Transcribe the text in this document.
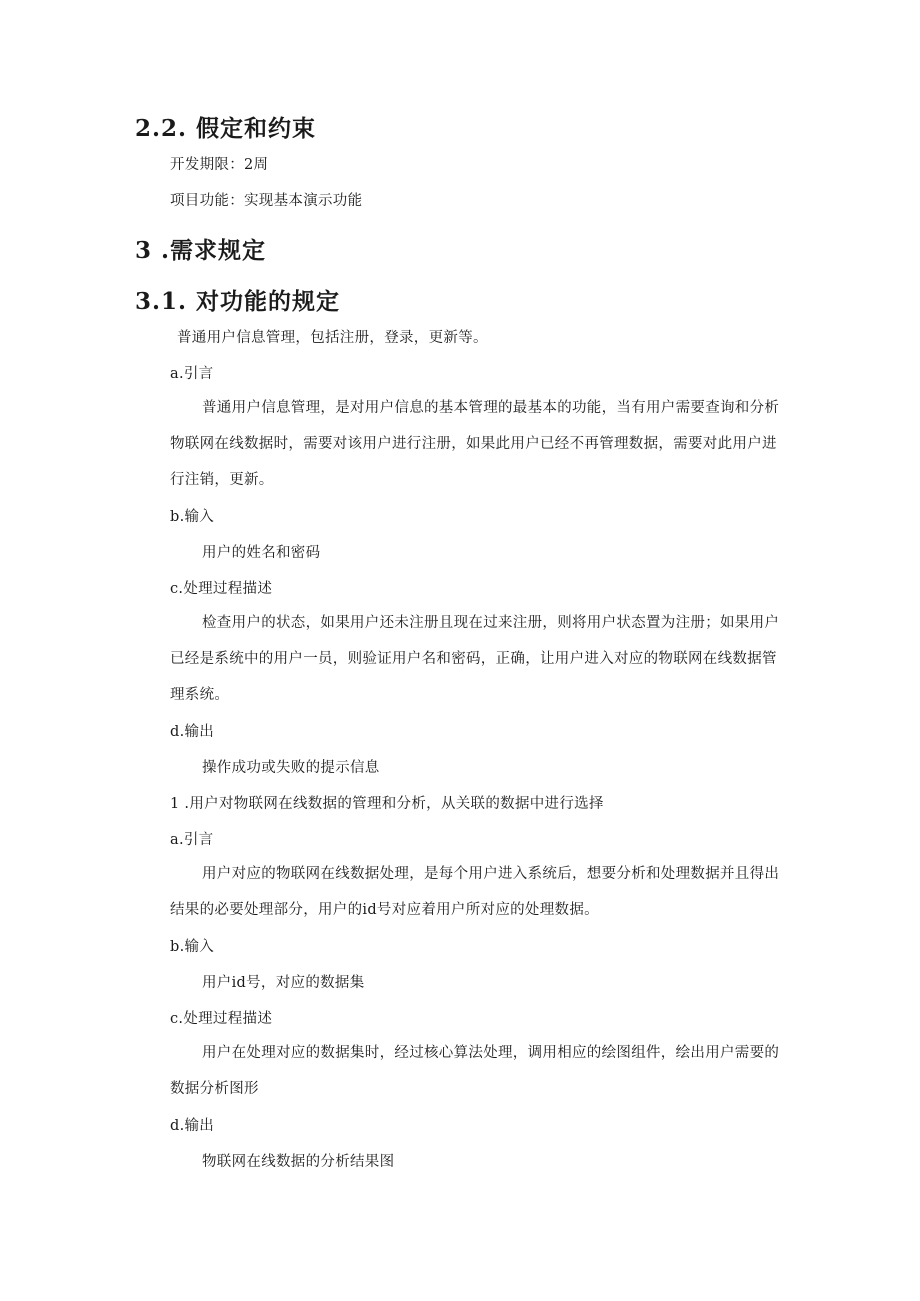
2.2. 假定和约束

开发期限：2周

项目功能：实现基本演示功能

3 .需求规定
3.1. 对功能的规定

普通用户信息管理，包括注册，登录，更新等。

a.引言

普通用户信息管理，是对用户信息的基本管理的最基本的功能，当有用户需要查询和分析物联网在线数据时，需要对该用户进行注册，如果此用户已经不再管理数据，需要对此用户进行注销，更新。

b.输入

用户的姓名和密码

c.处理过程描述

检查用户的状态，如果用户还未注册且现在过来注册，则将用户状态置为注册；如果用户已经是系统中的用户一员，则验证用户名和密码，正确，让用户进入对应的物联网在线数据管理系统。

d.输出

操作成功或失败的提示信息

1 .用户对物联网在线数据的管理和分析，从关联的数据中进行选择

a.引言

用户对应的物联网在线数据处理，是每个用户进入系统后，想要分析和处理数据并且得出结果的必要处理部分，用户的id号对应着用户所对应的处理数据。

b.输入

用户id号，对应的数据集

c.处理过程描述

用户在处理对应的数据集时，经过核心算法处理，调用相应的绘图组件，绘出用户需要的数据分析图形

d.输出

物联网在线数据的分析结果图
